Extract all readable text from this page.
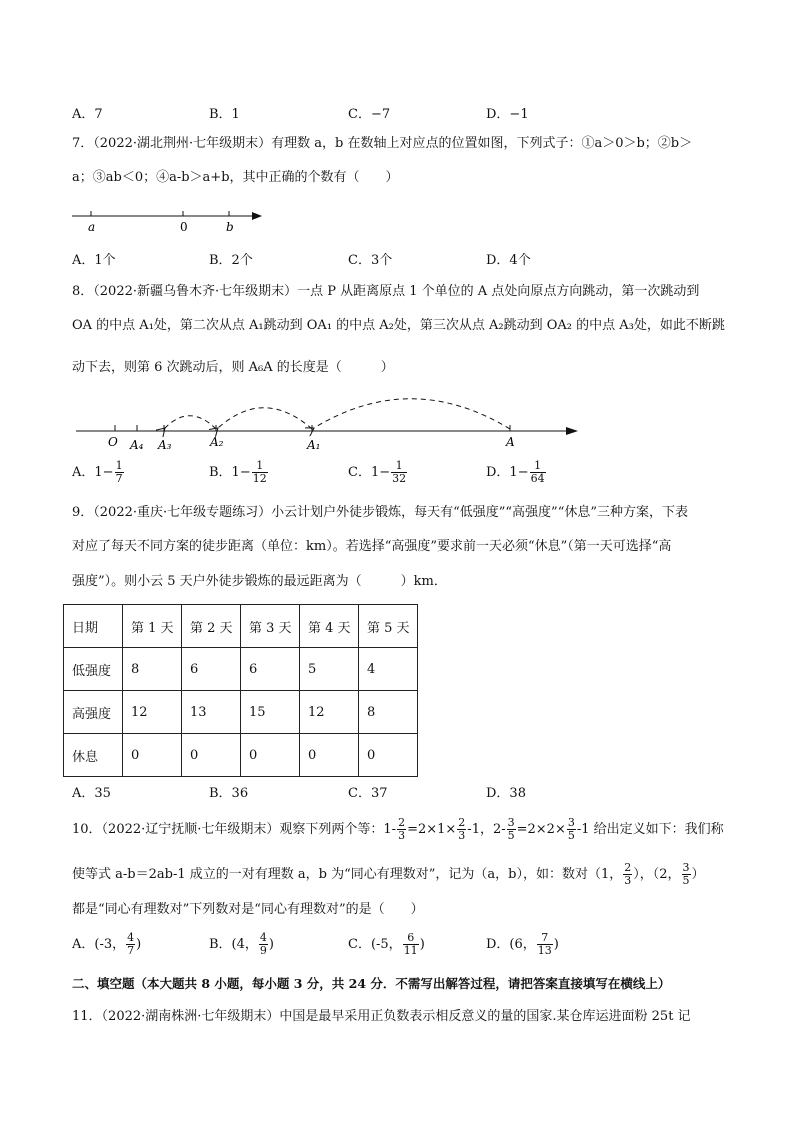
A．7	B．1	C．−7	D．−1
7．（2022·湖北荆州·七年级期末）有理数 a，b 在数轴上对应点的位置如图，下列式子：①a＞0＞b；②b＞
a；③ab＜0；④a-b＞a+b，其中正确的个数有（　　）
a	0	b
A．1个	B．2个	C．3个	D．4个
8．（2022·新疆乌鲁木齐·七年级期末）一点 P 从距离原点 1 个单位的 A 点处向原点方向跳动，第一次跳动到
OA 的中点 A₁处，第二次从点 A₁跳动到 OA₁ 的中点 A₂处，第三次从点 A₂跳动到 OA₂ 的中点 A₃处，如此不断跳
动下去，则第 6 次跳动后，则 A₆A 的长度是（　　　）
O A₄ A₃	A₂	A₁	A
A．$1- \frac{1}{7}$	B．$1- \frac{1}{12}$	C．$1- \frac{1}{32}$	D．$1- \frac{1}{64}$
9．（2022·重庆·七年级专题练习）小云计划户外徒步锻炼，每天有“低强度”“高强度”“休息”三种方案，下表
对应了每天不同方案的徒步距离（单位：km）。若选择“高强度”要求前一天必须“休息”（第一天可选择“高
强度”）。则小云 5 天户外徒步锻炼的最远距离为（　　　）km．
日期	第 1 天	第 2 天	第 3 天	第 4 天	第 5 天
低强度	8	6	6	5	4
高强度	12	13	15	12	8
休息	0	0	0	0	0
A．35	B．36	C．37	D．38
10．（2022·辽宁抚顺·七年级期末）观察下列两个等：$1- \frac{2}{3} =2\times 1\times \frac{2}{3} -1$，$2- \frac{3}{5} =2\times 2\times \frac{3}{5} -1$ 给出定义如下：我们称
使等式 a-b＝2ab-1 成立的一对有理数 a，b 为“同心有理数对”，记为（a，b），如：数对（1， $\frac{2}{3}$ ），（2， $\frac{3}{5}$ ）
都是“同心有理数对”下列数对是“同心有理数对”的是（　　）
A．(-3， $\frac{4}{7}$ )	B．(4， $\frac{4}{9}$ )	C．(-5， $\frac{6}{11}$ )	D．(6， $\frac{7}{13}$ )
二、填空题（本大题共 8 小题，每小题 3 分，共 24 分．不需写出解答过程，请把答案直接填写在横线上）
11．（2022·湖南株洲·七年级期末）中国是最早采用正负数表示相反意义的量的国家.某仓库运进面粉 25t 记
